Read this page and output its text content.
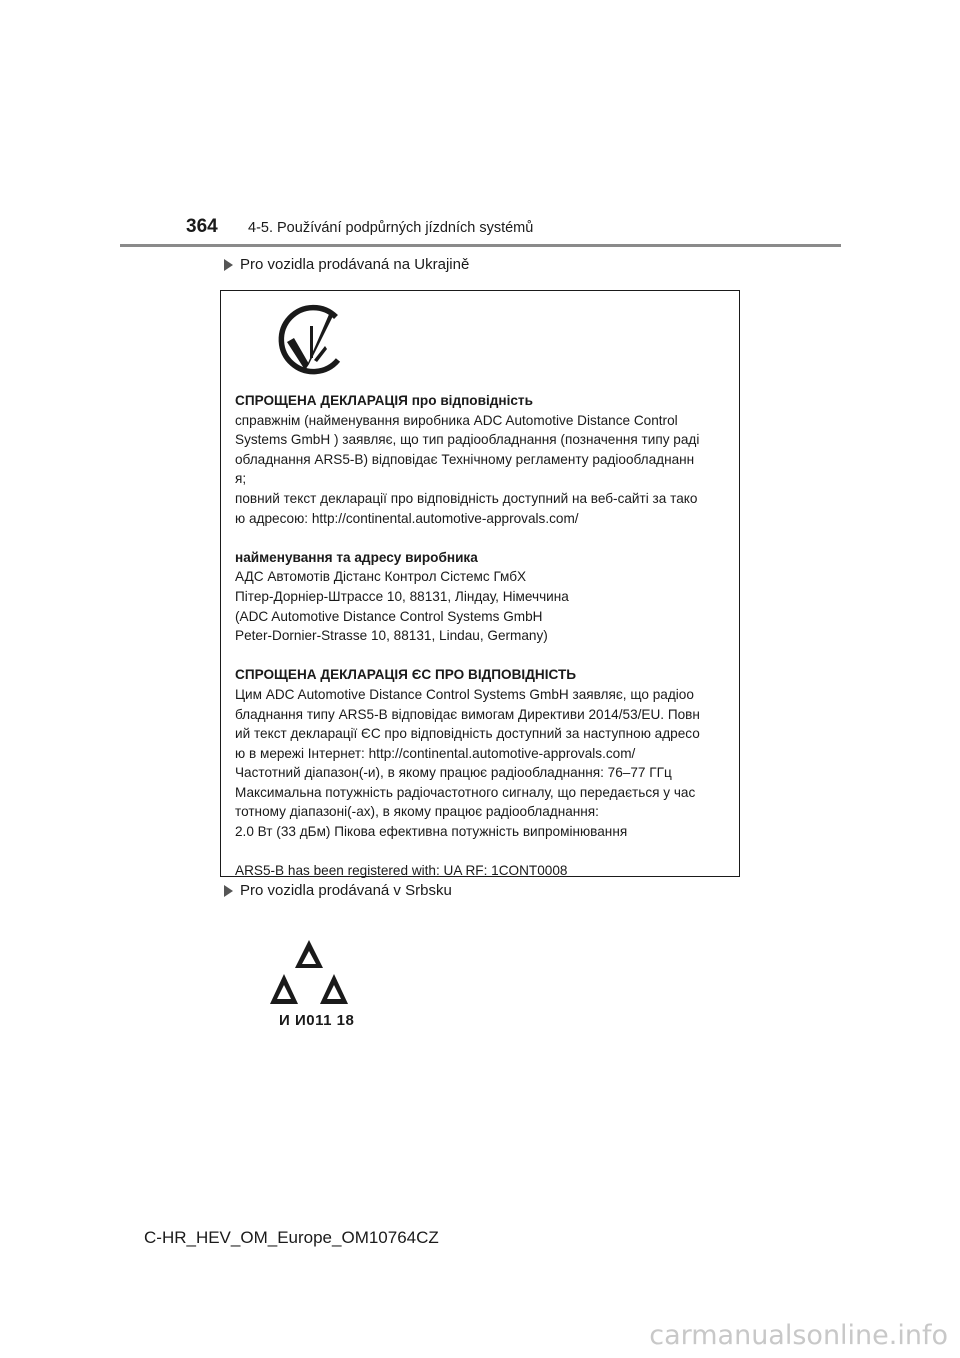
364 4-5. Používání podpůrných jízdních systémů
Pro vozidla prodávaná na Ukrajině

СПРОЩЕНА ДЕКЛАРАЦІЯ про відповідність

справжнім (найменування виробника ADC Automotive Distance Control

Systems GmbH ) заявляє, що тип радіообладнання (позначення типу раді

обладнання ARS5-B) відповідає Технічному регламенту радіообладнанн

я;

повний текст декларації про відповідність доступний на веб-сайті за тако

ю адресою: http://continental.automotive-approvals.com/

найменування та адресу виробника

АДС Автомотів Дістанс Контрол Сістемс ГмбХ

Пітер-Дорніер-Штрассе 10, 88131, Ліндау, Німеччина

(ADC Automotive Distance Control Systems GmbH

Peter-Dornier-Strasse 10, 88131, Lindau, Germany)

СПРОЩЕНА ДЕКЛАРАЦІЯ ЄС ПРО ВІДПОВІДНІСТЬ

Цим ADC Automotive Distance Control Systems GmbH заявляє, що радіоо

бладнання типу ARS5-B відповідає вимогам Директиви 2014/53/EU. Повн

ий текст декларації ЄС про відповідність доступний за наступною адресо

ю в мережі Інтернет: http://continental.automotive-approvals.com/

Частотний діапазон(-и), в якому працює радіообладнання: 76–77 ГГц

Максимальна потужність радіочастотного сигналу, що передається у час

тотному діапазоні(-ах), в якому працює радіообладнання:

2.0 Вт (33 дБм) Пікова ефективна потужність випромінювання

ARS5-B has been registered with: UA RF: 1CONT0008

Pro vozidla prodávaná v Srbsku
И И011 18
C-HR_HEV_OM_Europe_OM10764CZ
carmanualsonline.info
